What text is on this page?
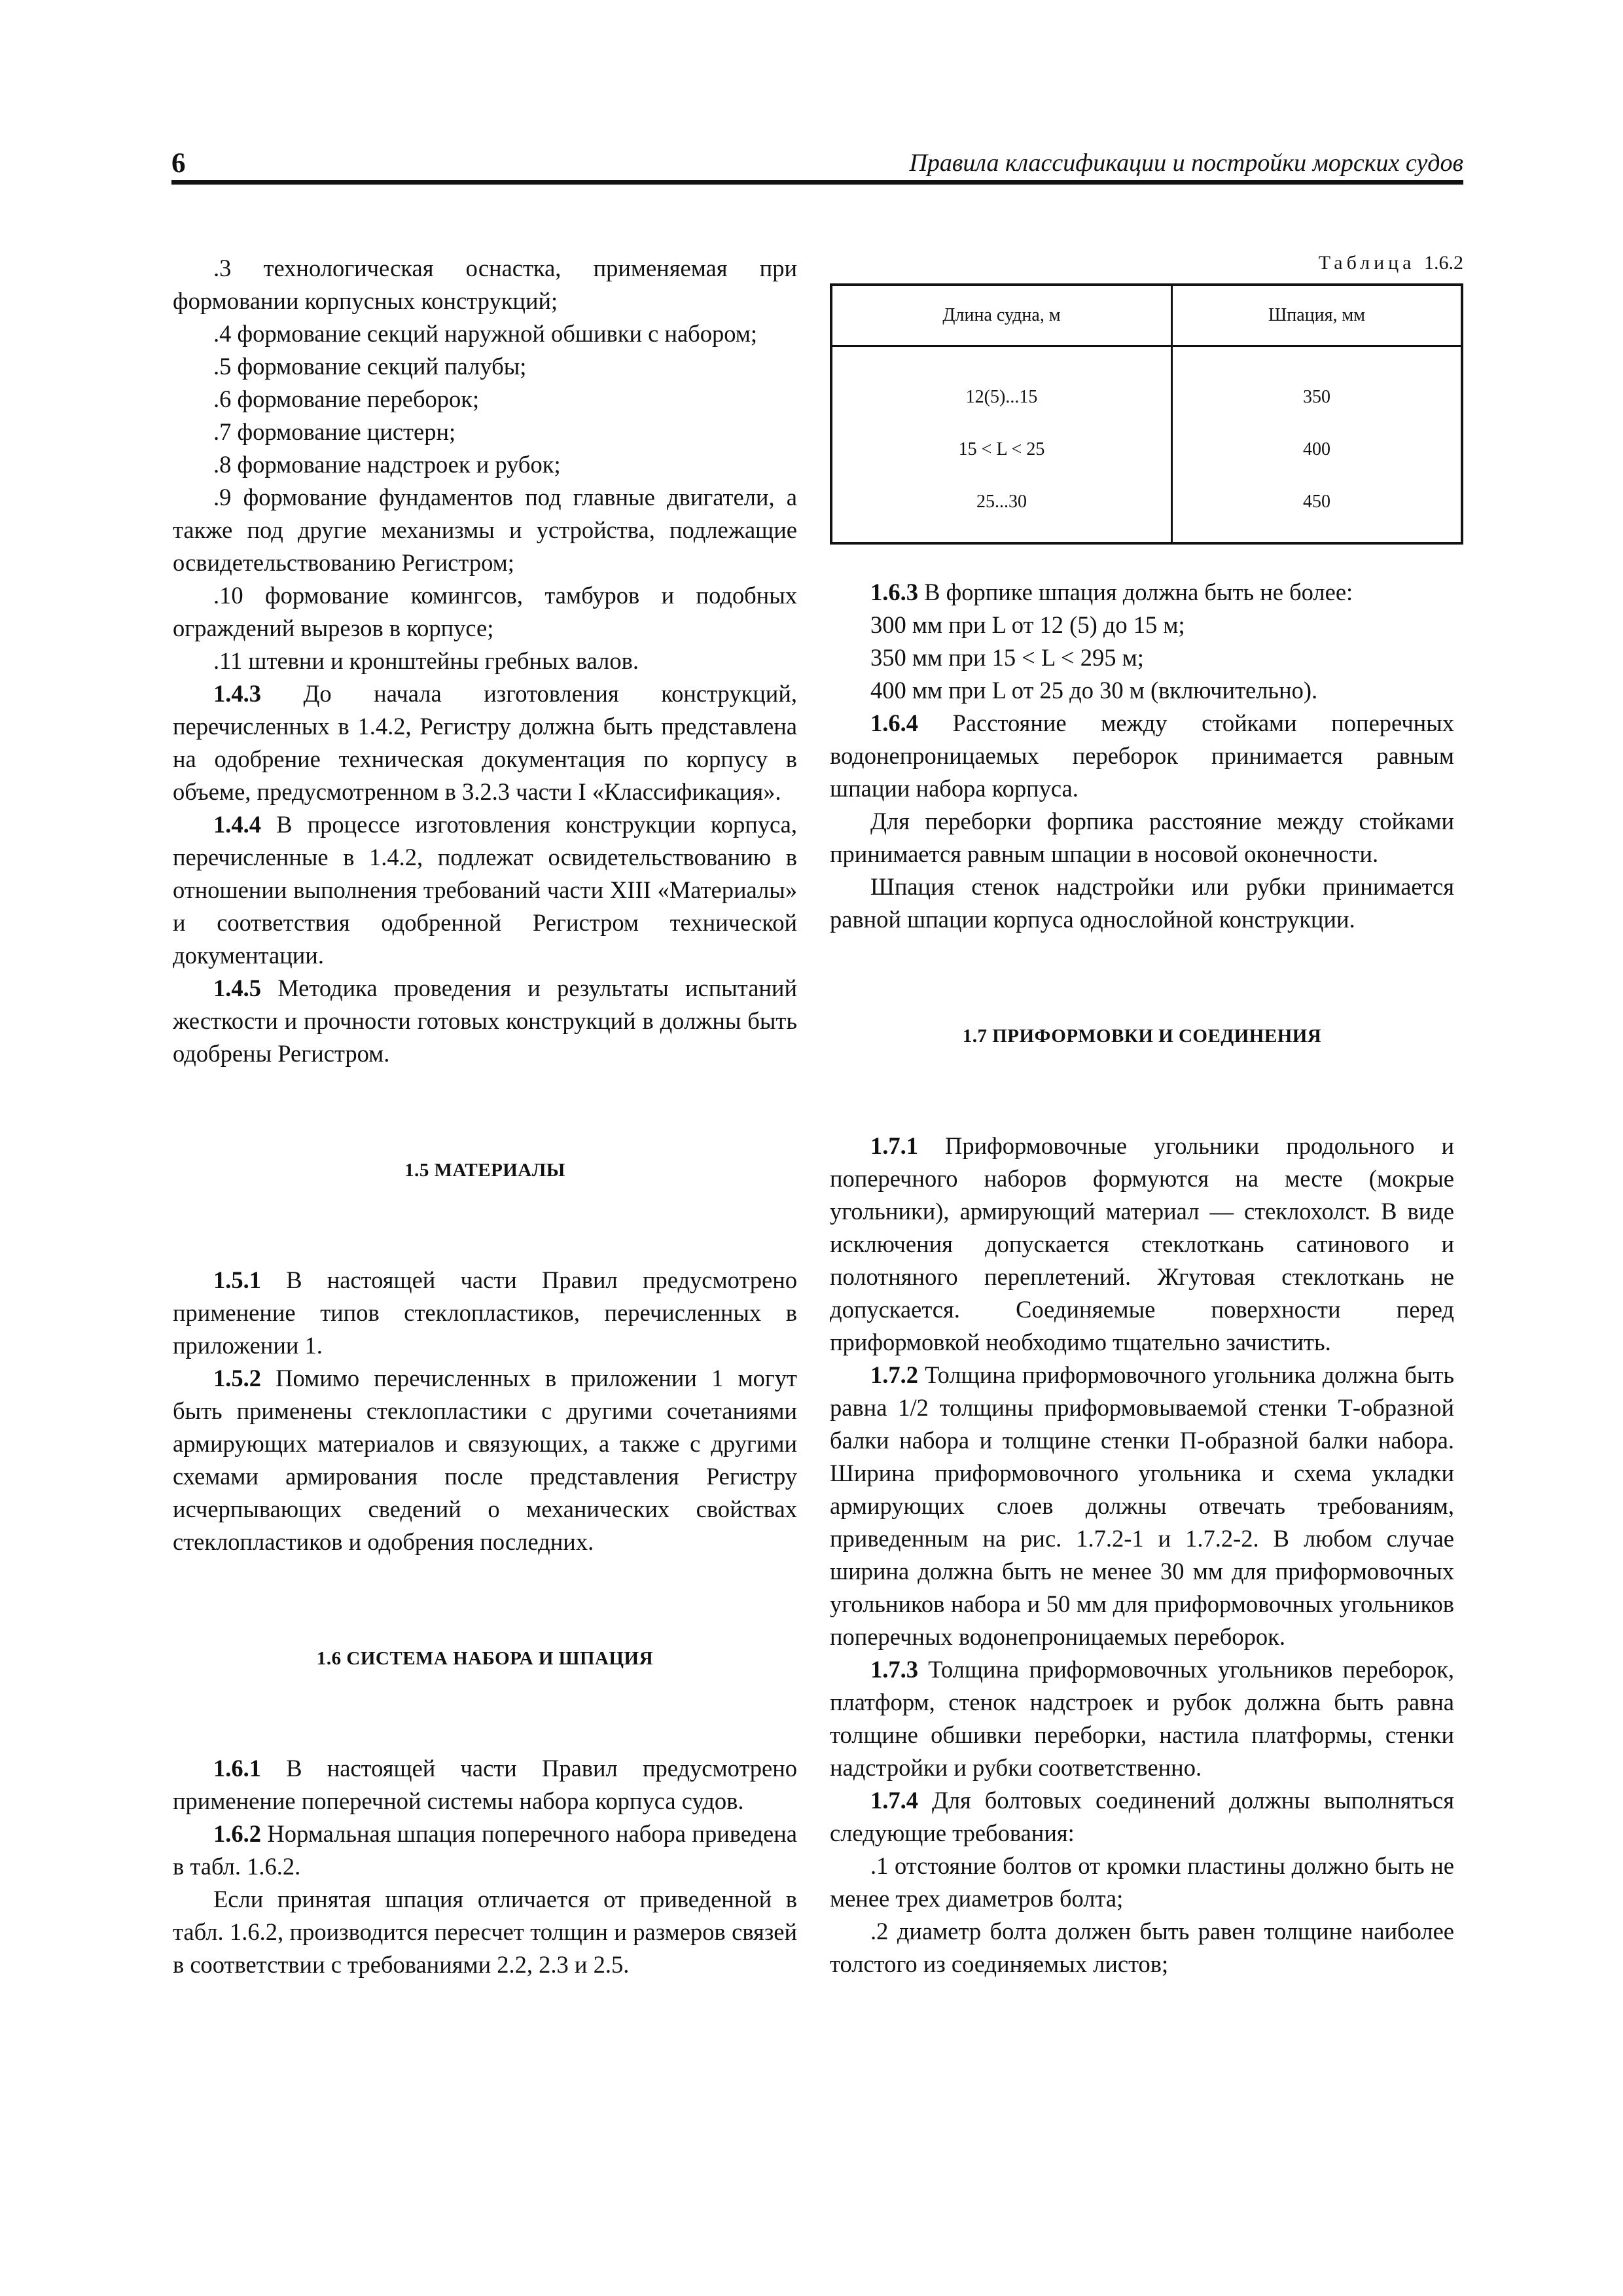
6	Правила классификации и постройки морских судов

.3 технологическая оснастка, применяемая при формовании корпусных конструкций;

.4 формование секций наружной обшивки с набором;

.5 формование секций палубы;

.6 формование переборок;

.7 формование цистерн;

.8 формование надстроек и рубок;

.9 формование фундаментов под главные двигатели, а также под другие механизмы и устройства, подлежащие освидетельствованию Регистром;

.10 формование комингсов, тамбуров и подобных ограждений вырезов в корпусе;

.11 штевни и кронштейны гребных валов.

1.4.3 До начала изготовления конструкций, перечисленных в 1.4.2, Регистру должна быть представлена на одобрение техническая документация по корпусу в объеме, предусмотренном в 3.2.3 части I «Классификация».

1.4.4 В процессе изготовления конструкции корпуса, перечисленные в 1.4.2, подлежат освидетельствованию в отношении выполнения требований части XIII «Материалы» и соответствия одобренной Регистром технической документации.

1.4.5 Методика проведения и результаты испытаний жесткости и прочности готовых конструкций в должны быть одобрены Регистром.

1.5 МАТЕРИАЛЫ

1.5.1 В настоящей части Правил предусмотрено применение типов стеклопластиков, перечисленных в приложении 1.

1.5.2 Помимо перечисленных в приложении 1 могут быть применены стеклопластики с другими сочетаниями армирующих материалов и связующих, а также с другими схемами армирования после представления Регистру исчерпывающих сведений о механических свойствах стеклопластиков и одобрения последних.

1.6 СИСТЕМА НАБОРА И ШПАЦИЯ

1.6.1 В настоящей части Правил предусмотрено применение поперечной системы набора корпуса судов.

1.6.2 Нормальная шпация поперечного набора приведена в табл. 1.6.2.

Если принятая шпация отличается от приведенной в табл. 1.6.2, производится пересчет толщин и размеров связей в соответствии с требованиями 2.2, 2.3 и 2.5.

Таблица 1.6.2
Длина судна, м	Шпация, мм
12(5)...15	350
15 < L < 25	400
25...30	450

1.6.3 В форпике шпация должна быть не более:

300 мм при L от 12 (5) до 15 м;

350 мм при 15 < L < 295 м;

400 мм при L от 25 до 30 м (включительно).

1.6.4 Расстояние между стойками поперечных водонепроницаемых переборок принимается равным шпации набора корпуса.

Для переборки форпика расстояние между стойками принимается равным шпации в носовой оконечности.

Шпация стенок надстройки или рубки принимается равной шпации корпуса однослойной конструкции.

1.7 ПРИФОРМОВКИ И СОЕДИНЕНИЯ

1.7.1 Приформовочные угольники продольного и поперечного наборов формуются на месте (мокрые угольники), армирующий материал — стеклохолст. В виде исключения допускается стеклоткань сатинового и полотняного переплетений. Жгутовая стеклоткань не допускается. Соединяемые поверхности перед приформовкой необходимо тщательно зачистить.

1.7.2 Толщина приформовочного угольника должна быть равна 1/2 толщины приформовываемой стенки Т-образной балки набора и толщине стенки П-образной балки набора. Ширина приформовочного угольника и схема укладки армирующих слоев должны отвечать требованиям, приведенным на рис. 1.7.2-1 и 1.7.2-2. В любом случае ширина должна быть не менее 30 мм для приформовочных угольников набора и 50 мм для приформовочных угольников поперечных водонепроницаемых переборок.

1.7.3 Толщина приформовочных угольников переборок, платформ, стенок надстроек и рубок должна быть равна толщине обшивки переборки, настила платформы, стенки надстройки и рубки соответственно.

1.7.4 Для болтовых соединений должны выполняться следующие требования:

.1 отстояние болтов от кромки пластины должно быть не менее трех диаметров болта;

.2 диаметр болта должен быть равен толщине наиболее толстого из соединяемых листов;
